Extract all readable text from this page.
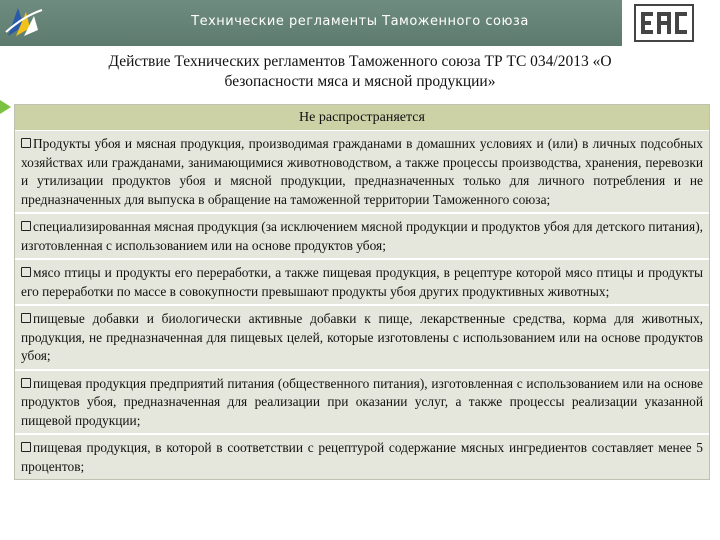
Технические регламенты Таможенного союза
Действие Технических регламентов Таможенного союза ТР ТС 034/2013 «О
безопасности мяса и мясной продукции»
Не распространяется
Продукты убоя и мясная продукция, производимая гражданами в домашних условиях и (или) в личных подсобных хозяйствах или гражданами, занимающимися животноводством, а также процессы производства, хранения, перевозки и утилизации продуктов убоя и мясной продукции, предназначенных только для личного потребления и не предназначенных для выпуска в обращение на таможенной территории Таможенного союза;
специализированная мясная продукция (за исключением мясной продукции и продуктов убоя для детского питания), изготовленная с использованием или на основе продуктов убоя;
мясо птицы и продукты его переработки, а также пищевая продукция, в рецептуре которой мясо птицы и продукты его переработки по массе в совокупности превышают продукты убоя других продуктивных животных;
пищевые добавки и биологически активные добавки к пище, лекарственные средства, корма для животных, продукция, не предназначенная для пищевых целей, которые изготовлены с использованием или на основе продуктов убоя;
пищевая продукция предприятий питания (общественного питания), изготовленная с использованием или на основе продуктов убоя, предназначенная для реализации при оказании услуг, а также процессы реализации указанной пищевой продукции;
пищевая продукция, в которой в соответствии с рецептурой содержание мясных ингредиентов составляет менее 5 процентов;
